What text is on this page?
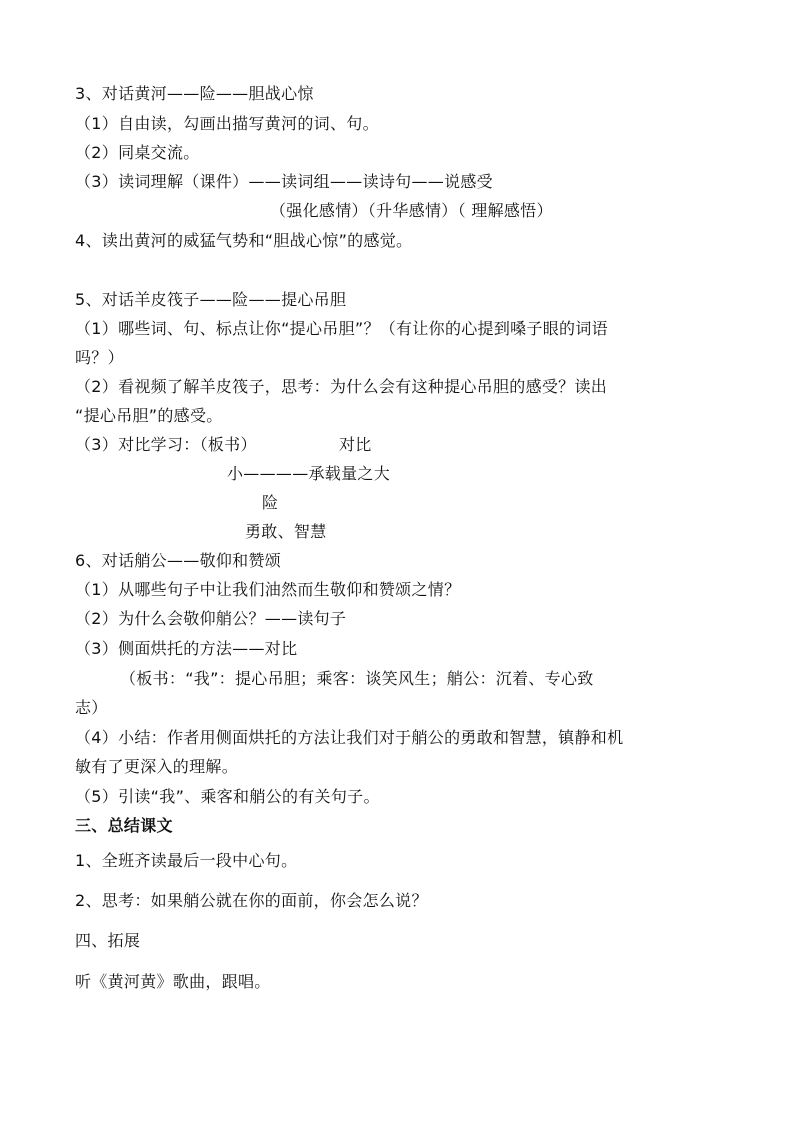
3、对话黄河——险——胆战心惊
（1）自由读，勾画出描写黄河的词、句。
（2）同桌交流。
（3）读词理解（课件）——读词组——读诗句——说感受
（强化感情）（升华感情）（ 理解感悟）
4、读出黄河的威猛气势和“胆战心惊”的感觉。
5、对话羊皮筏子——险——提心吊胆
（1）哪些词、句、标点让你“提心吊胆”？（有让你的心提到嗓子眼的词语
吗？）
（2）看视频了解羊皮筏子，思考：为什么会有这种提心吊胆的感受？读出
“提心吊胆”的感受。
（3）对比学习：（板书）	对比
小————承载量之大
险
勇敢、智慧
6、对话艄公——敬仰和赞颂
（1）从哪些句子中让我们油然而生敬仰和赞颂之情？
（2）为什么会敬仰艄公？——读句子
（3）侧面烘托的方法——对比
（板书：“我”：提心吊胆；乘客：谈笑风生；艄公：沉着、专心致
志）
（4）小结：作者用侧面烘托的方法让我们对于艄公的勇敢和智慧，镇静和机
敏有了更深入的理解。
（5）引读“我”、乘客和艄公的有关句子。
三、总结课文
1、全班齐读最后一段中心句。
2、思考：如果艄公就在你的面前，你会怎么说？
四、拓展
听《黄河黄》歌曲，跟唱。
